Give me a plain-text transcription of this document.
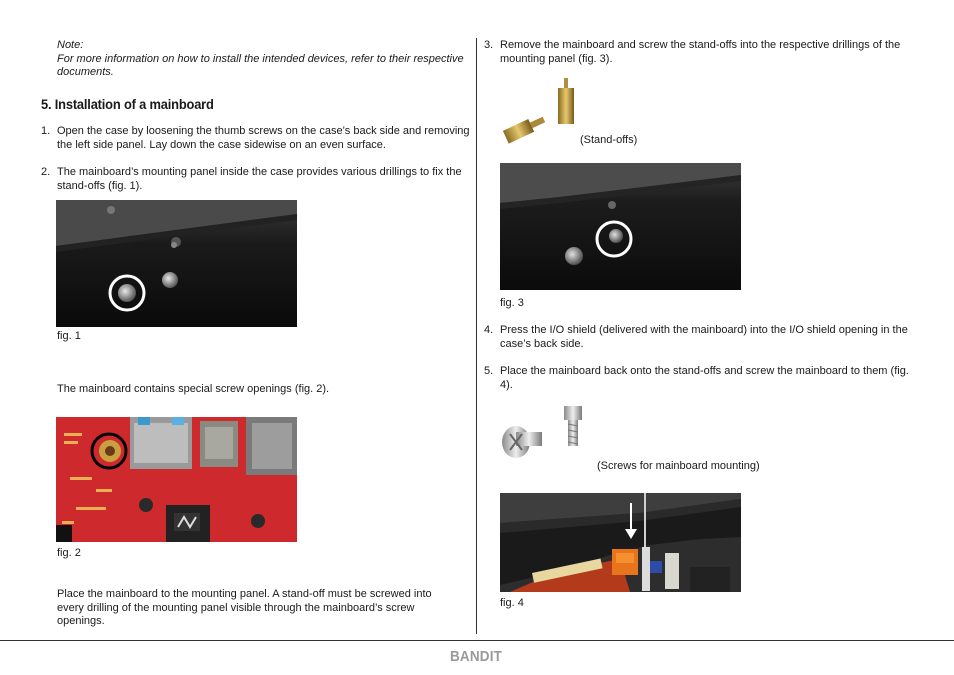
Note:
For more information on how to install the intended devices, refer to their respective documents.
5. Installation of a mainboard
1. Open the case by loosening the thumb screws on the case’s back side and removing the left side panel. Lay down the case sidewise on an even surface.
2. The mainboard’s mounting panel inside the case provides various drillings to fix the stand-offs (fig. 1).
fig. 1
The mainboard contains special screw openings (fig. 2).
fig. 2
Place the mainboard to the mounting panel. A stand-off must be screwed into every drilling of the mounting panel visible through the mainboard’s screw openings.
3. Remove the mainboard and screw the stand-offs into the respective drillings of the mounting panel (fig. 3).
(Stand-offs)
fig. 3
4. Press the I/O shield (delivered with the mainboard) into the I/O shield opening in the case’s back side.
5. Place the mainboard back onto the stand-offs and screw the mainboard to them (fig. 4).
(Screws for mainboard mounting)
fig. 4
BANDIT
